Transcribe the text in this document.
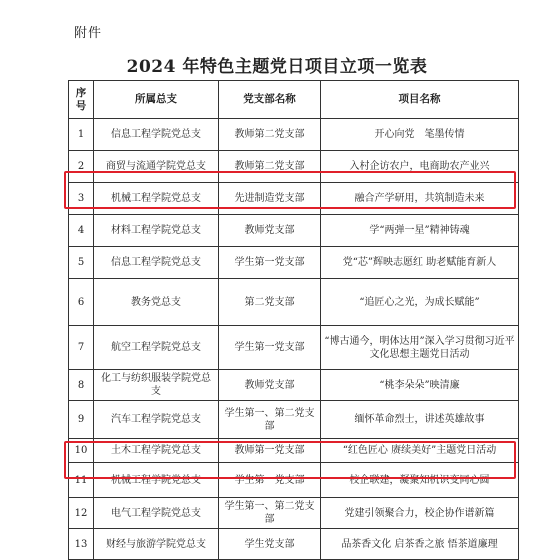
附件
2024 年特色主题党日项目立项一览表
序号	所属总支	党支部名称	项目名称
1	信息工程学院党总支	教师第二党支部	开心向党　笔墨传情
2	商贸与流通学院党总支	教师第二党支部	入村企访农户，电商助农产业兴
3	机械工程学院党总支	先进制造党支部	融合产学研用，共筑制造未来
4	材料工程学院党总支	教师党支部	学“两弹一星”精神铸魂
5	信息工程学院党总支	学生第一党支部	党“芯”辉映志愿红 助老赋能育新人
6	教务党总支	第二党支部	“追匠心之光，为成长赋能”
7	航空工程学院党总支	学生第一党支部	“博古通今，明体达用”深入学习贯彻习近平文化思想主题党日活动
8	化工与纺织服装学院党总支	教师党支部	“桃李朵朵”映清廉
9	汽车工程学院党总支	学生第一、第二党支部	缅怀革命烈士，讲述英雄故事
10	土木工程学院党总支	教师第一党支部	“红色匠心 赓续美好”主题党日活动
11	机械工程学院党总支	学生第一党支部	校企联建，凝聚知机识变同心圆
12	电气工程学院党总支	学生第一、第二党支部	党建引领聚合力，校企协作谱新篇
13	财经与旅游学院党总支	学生党支部	品茶香文化 启茶香之旅 悟茶道廉理
